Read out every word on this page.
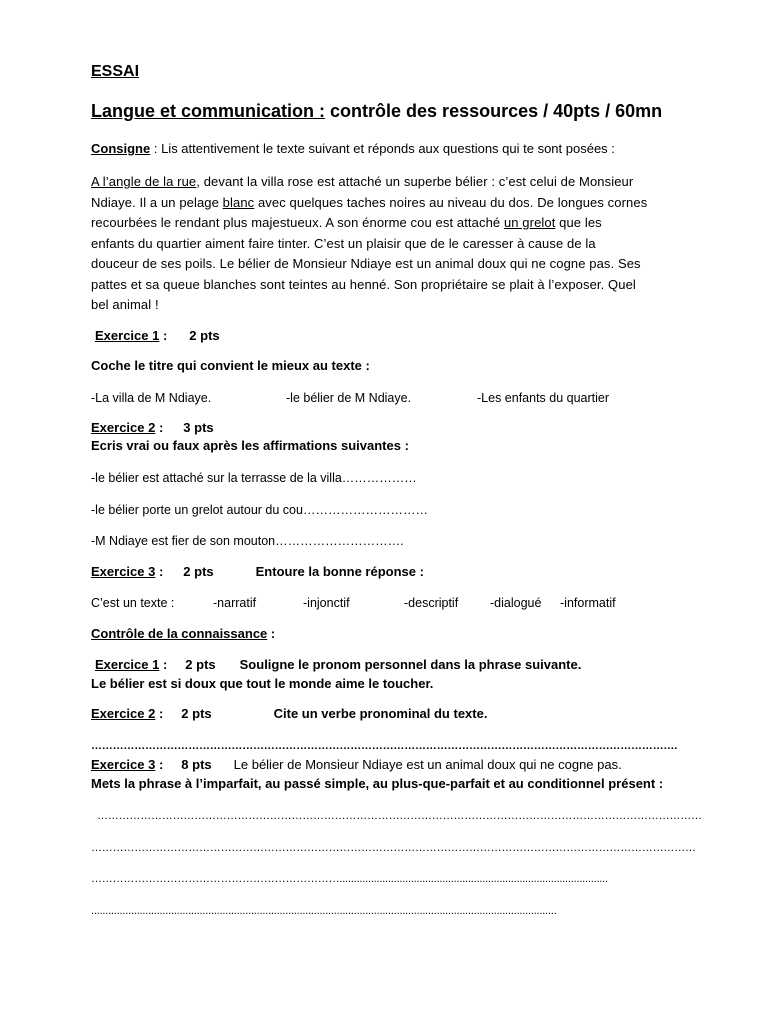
ESSAI
Langue et communication : contrôle des ressources / 40pts / 60mn
Consigne : Lis attentivement le texte suivant et réponds aux questions qui te sont posées :
A l’angle de la rue, devant la villa rose est attaché un superbe bélier : c’est celui de Monsieur
Ndiaye. Il a un pelage blanc avec quelques taches noires au niveau du dos. De longues cornes
recourbées le rendant plus majestueux. A son énorme cou est attaché un grelot que les
enfants du quartier aiment faire tinter. C’est un plaisir que de le caresser à cause de la
douceur de ses poils. Le bélier de Monsieur Ndiaye est un animal doux qui ne cogne pas. Ses
pattes et sa queue blanches sont teintes au henné. Son propriétaire se plait à l’exposer. Quel
bel animal !
Exercice 1 : 2 pts
Coche le titre qui convient le mieux au texte :
-La villa de M Ndiaye.	-le bélier de M Ndiaye.	-Les enfants du quartier
Exercice 2 : 3 pts
Ecris vrai ou faux après les affirmations suivantes :
-le bélier est attaché sur la terrasse de la villa………………
-le bélier porte un grelot autour du cou…………………………
-M Ndiaye est fier de son mouton………………………….
Exercice 3 : 2 pts	Entoure la bonne réponse :
C’est un texte :	-narratif	-injonctif	-descriptif	-dialogué -informatif
Contrôle de la connaissance :
Exercice 1 : 2 pts Souligne le pronom personnel dans la phrase suivante.
Le bélier est si doux que tout le monde aime le toucher.
Exercice 2 : 2 pts	Cite un verbe pronominal du texte.
……………………………………………………………………………………………………………………………………………….
Exercice 3 : 8 pts Le bélier de Monsieur Ndiaye est un animal doux qui ne cogne pas.
Mets la phrase à l’imparfait, au passé simple, au plus-que-parfait et au conditionnel présent :
……………………………………………………………………………………………………………………………………………………
……………………………………………………………………………………………………………………………………………………
……………………………………………………………..............................................................................................
...................................................................................................................................................................
